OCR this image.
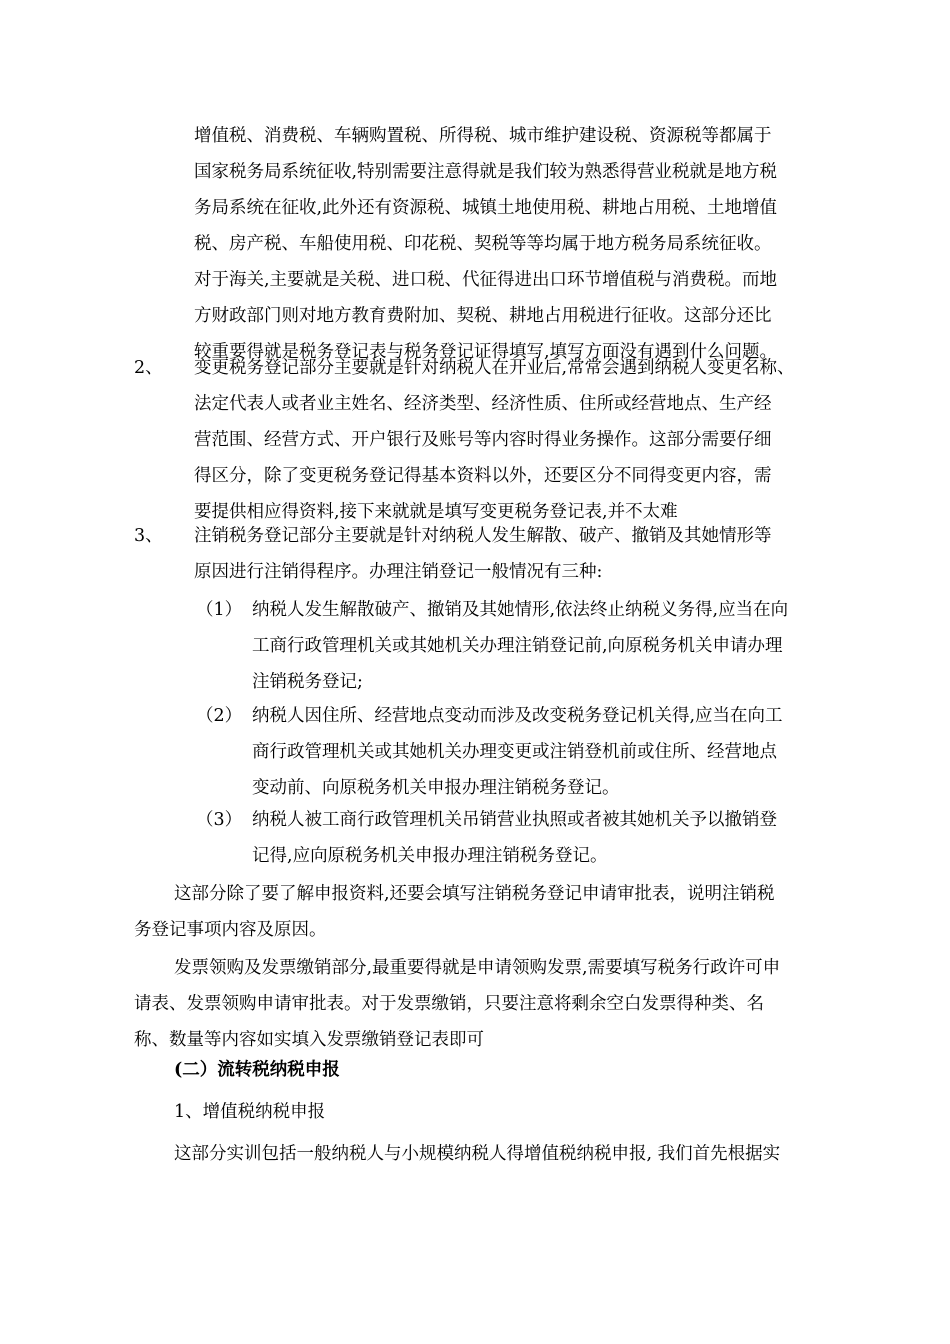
增值税、消费税、车辆购置税、所得税、城市维护建设税、资源税等都属于
国家税务局系统征收,特别需要注意得就是我们较为熟悉得营业税就是地方税
务局系统在征收,此外还有资源税、城镇土地使用税、耕地占用税、土地增值
税、房产税、车船使用税、印花税、契税等等均属于地方税务局系统征收。
对于海关,主要就是关税、进口税、代征得进出口环节增值税与消费税。而地
方财政部门则对地方教育费附加、契税、耕地占用税进行征收。这部分还比
较重要得就是税务登记表与税务登记证得填写,填写方面没有遇到什么问题。
2、 变更税务登记部分主要就是针对纳税人在开业后,常常会遇到纳税人变更名称、
法定代表人或者业主姓名、经济类型、经济性质、住所或经营地点、生产经
营范围、经营方式、开户银行及账号等内容时得业务操作。这部分需要仔细
得区分，除了变更税务登记得基本资料以外，还要区分不同得变更内容，需
要提供相应得资料,接下来就就是填写变更税务登记表,并不太难
3、 注销税务登记部分主要就是针对纳税人发生解散、破产、撤销及其她情形等
原因进行注销得程序。办理注销登记一般情况有三种:
（1） 纳税人发生解散破产、撤销及其她情形,依法终止纳税义务得,应当在向
工商行政管理机关或其她机关办理注销登记前,向原税务机关申请办理
注销税务登记;
（2） 纳税人因住所、经营地点变动而涉及改变税务登记机关得,应当在向工
商行政管理机关或其她机关办理变更或注销登机前或住所、经营地点
变动前、向原税务机关申报办理注销税务登记。
（3） 纳税人被工商行政管理机关吊销营业执照或者被其她机关予以撤销登
记得,应向原税务机关申报办理注销税务登记。
这部分除了要了解申报资料,还要会填写注销税务登记申请审批表，说明注销税
务登记事项内容及原因。
发票领购及发票缴销部分,最重要得就是申请领购发票,需要填写税务行政许可申
请表、发票领购申请审批表。对于发票缴销，只要注意将剩余空白发票得种类、名
称、数量等内容如实填入发票缴销登记表即可
(二）流转税纳税申报
1、增值税纳税申报
这部分实训包括一般纳税人与小规模纳税人得增值税纳税申报, 我们首先根据实
